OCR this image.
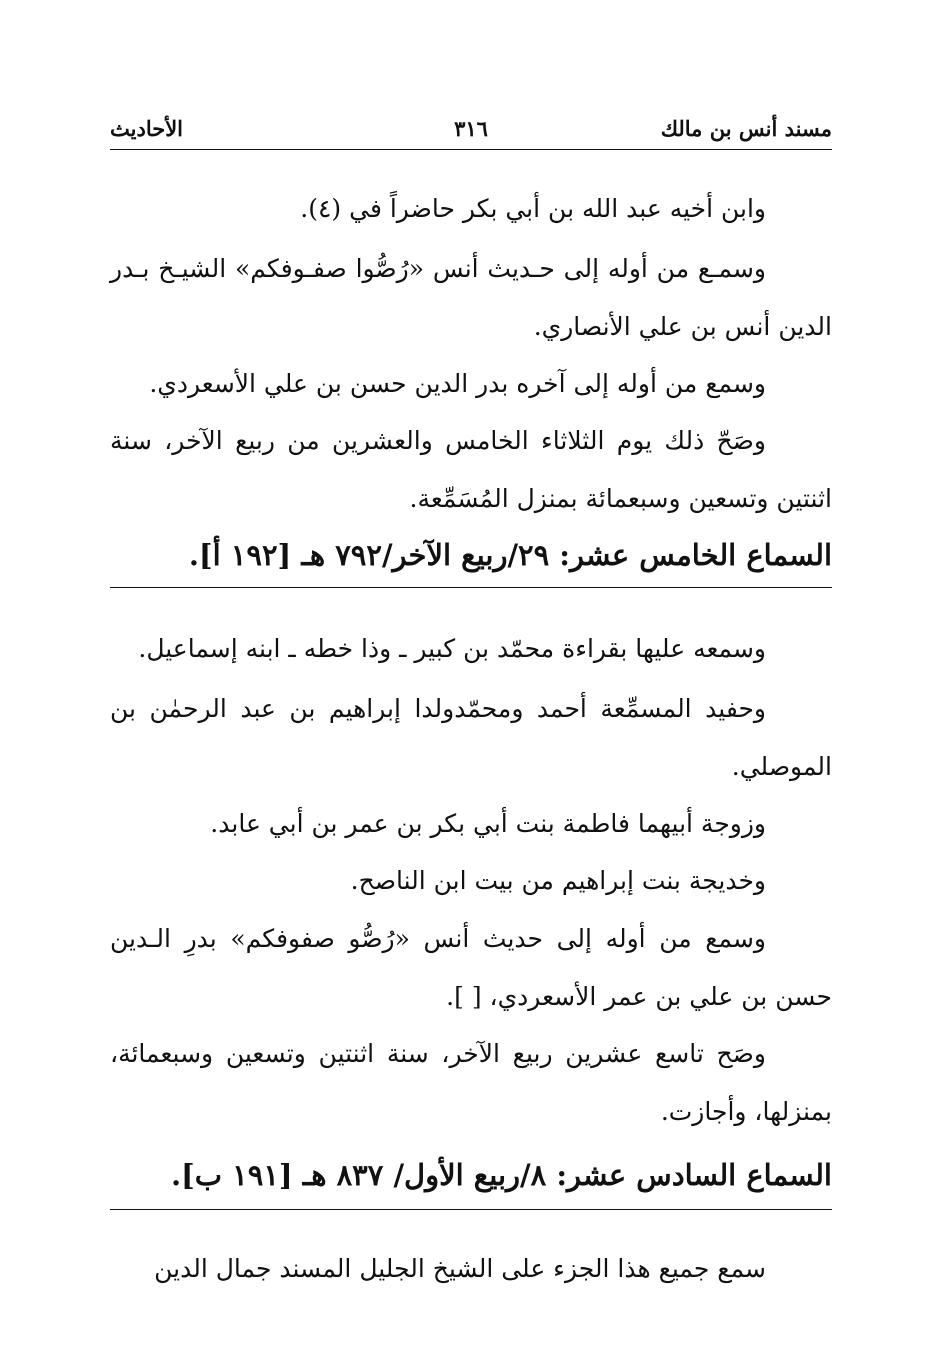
مسند أنس بن مالك
٣١٦
الأحاديث

وابن أخيه عبد الله بن أبي بكر حاضراً في (٤).

وسمـع من أوله إلى حـديث أنس «رُصُّوا صفـوفكم» الشيـخ بـدر الدين أنس بن علي الأنصاري.

وسمع من أوله إلى آخره بدر الدين حسن بن علي الأسعردي.

وصَحّ ذلك يوم الثلاثاء الخامس والعشرين من ربيع الآخر، سنة اثنتين وتسعين وسبعمائة بمنزل المُسَمِّعة.

السماع الخامس عشر: ٢٩/ربيع الآخر/٧٩٢ هـ [١٩٢ أ].

وسمعه عليها بقراءة محمّد بن كبير ـ وذا خطه ـ ابنه إسماعيل.

وحفيد المسمِّعة أحمد ومحمّدولدا إبراهيم بن عبد الرحمٰن بن الموصلي.

وزوجة أبيهما فاطمة بنت أبي بكر بن عمر بن أبي عابد.

وخديجة بنت إبراهيم من بيت ابن الناصح.

وسمع من أوله إلى حديث أنس «رُصُّو صفوفكم» بدرِ الـدين حسن بن علي بن عمر الأسعردي، [ ].

وصَح تاسع عشرين ربيع الآخر، سنة اثنتين وتسعين وسبعمائة، بمنزلها، وأجازت.

السماع السادس عشر: ٨/ربيع الأول/ ٨٣٧ هـ [١٩١ ب].

سمع جميع هذا الجزء على الشيخ الجليل المسند جمال الدين
